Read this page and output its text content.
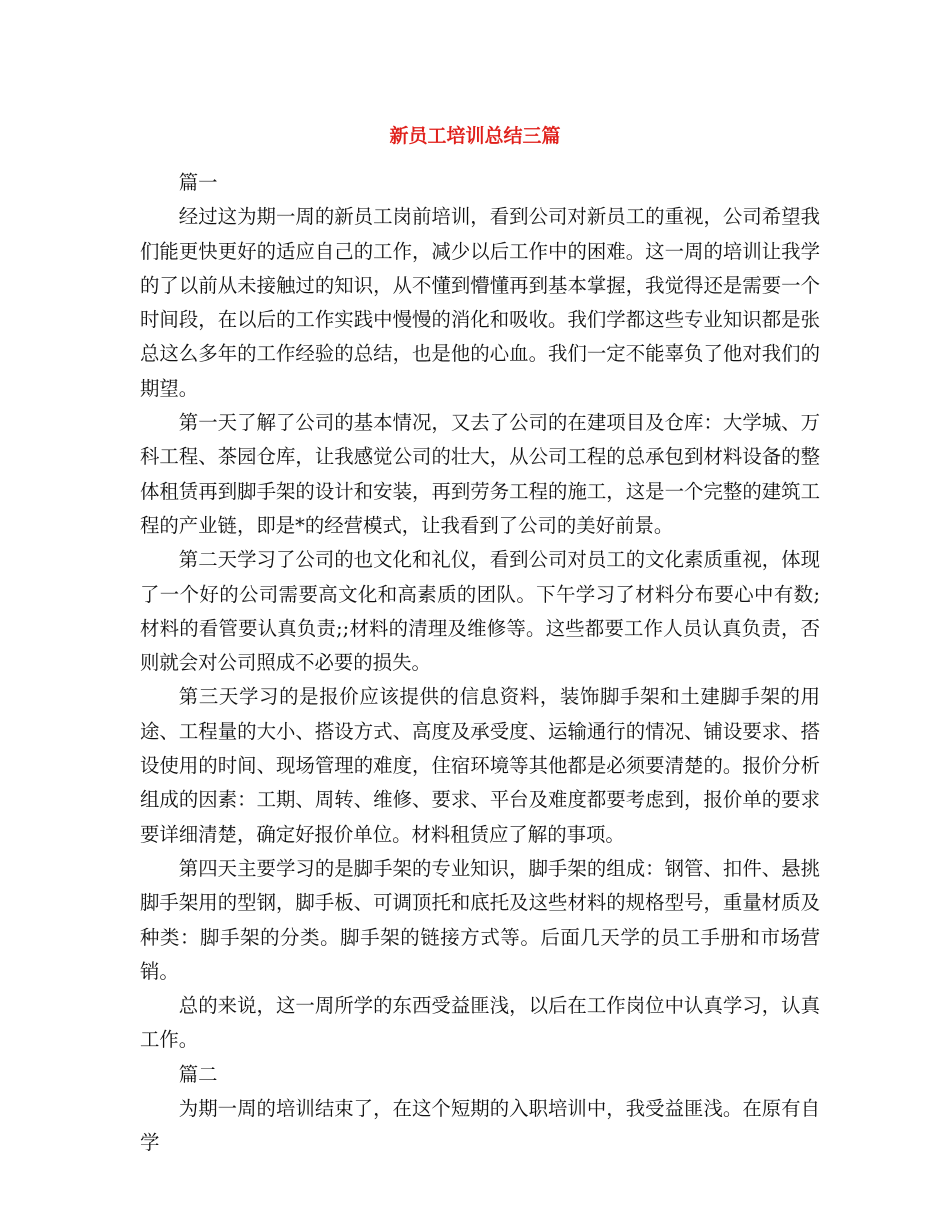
新员工培训总结三篇

篇一

经过这为期一周的新员工岗前培训，看到公司对新员工的重视，公司希望我们能更快更好的适应自己的工作，减少以后工作中的困难。这一周的培训让我学的了以前从未接触过的知识，从不懂到懵懂再到基本掌握，我觉得还是需要一个时间段，在以后的工作实践中慢慢的消化和吸收。我们学都这些专业知识都是张总这么多年的工作经验的总结，也是他的心血。我们一定不能辜负了他对我们的期望。

第一天了解了公司的基本情况，又去了公司的在建项目及仓库：大学城、万科工程、茶园仓库，让我感觉公司的壮大，从公司工程的总承包到材料设备的整体租赁再到脚手架的设计和安装，再到劳务工程的施工，这是一个完整的建筑工程的产业链，即是*的经营模式，让我看到了公司的美好前景。

第二天学习了公司的也文化和礼仪，看到公司对员工的文化素质重视，体现了一个好的公司需要高文化和高素质的团队。下午学习了材料分布要心中有数;材料的看管要认真负责;;材料的清理及维修等。这些都要工作人员认真负责，否则就会对公司照成不必要的损失。

第三天学习的是报价应该提供的信息资料，装饰脚手架和土建脚手架的用途、工程量的大小、搭设方式、高度及承受度、运输通行的情况、铺设要求、搭设使用的时间、现场管理的难度，住宿环境等其他都是必须要清楚的。报价分析组成的因素：工期、周转、维修、要求、平台及难度都要考虑到，报价单的要求要详细清楚，确定好报价单位。材料租赁应了解的事项。

第四天主要学习的是脚手架的专业知识，脚手架的组成：钢管、扣件、悬挑脚手架用的型钢，脚手板、可调顶托和底托及这些材料的规格型号，重量材质及种类：脚手架的分类。脚手架的链接方式等。后面几天学的员工手册和市场营销。

总的来说，这一周所学的东西受益匪浅，以后在工作岗位中认真学习，认真工作。

篇二

为期一周的培训结束了，在这个短期的入职培训中，我受益匪浅。在原有自学
